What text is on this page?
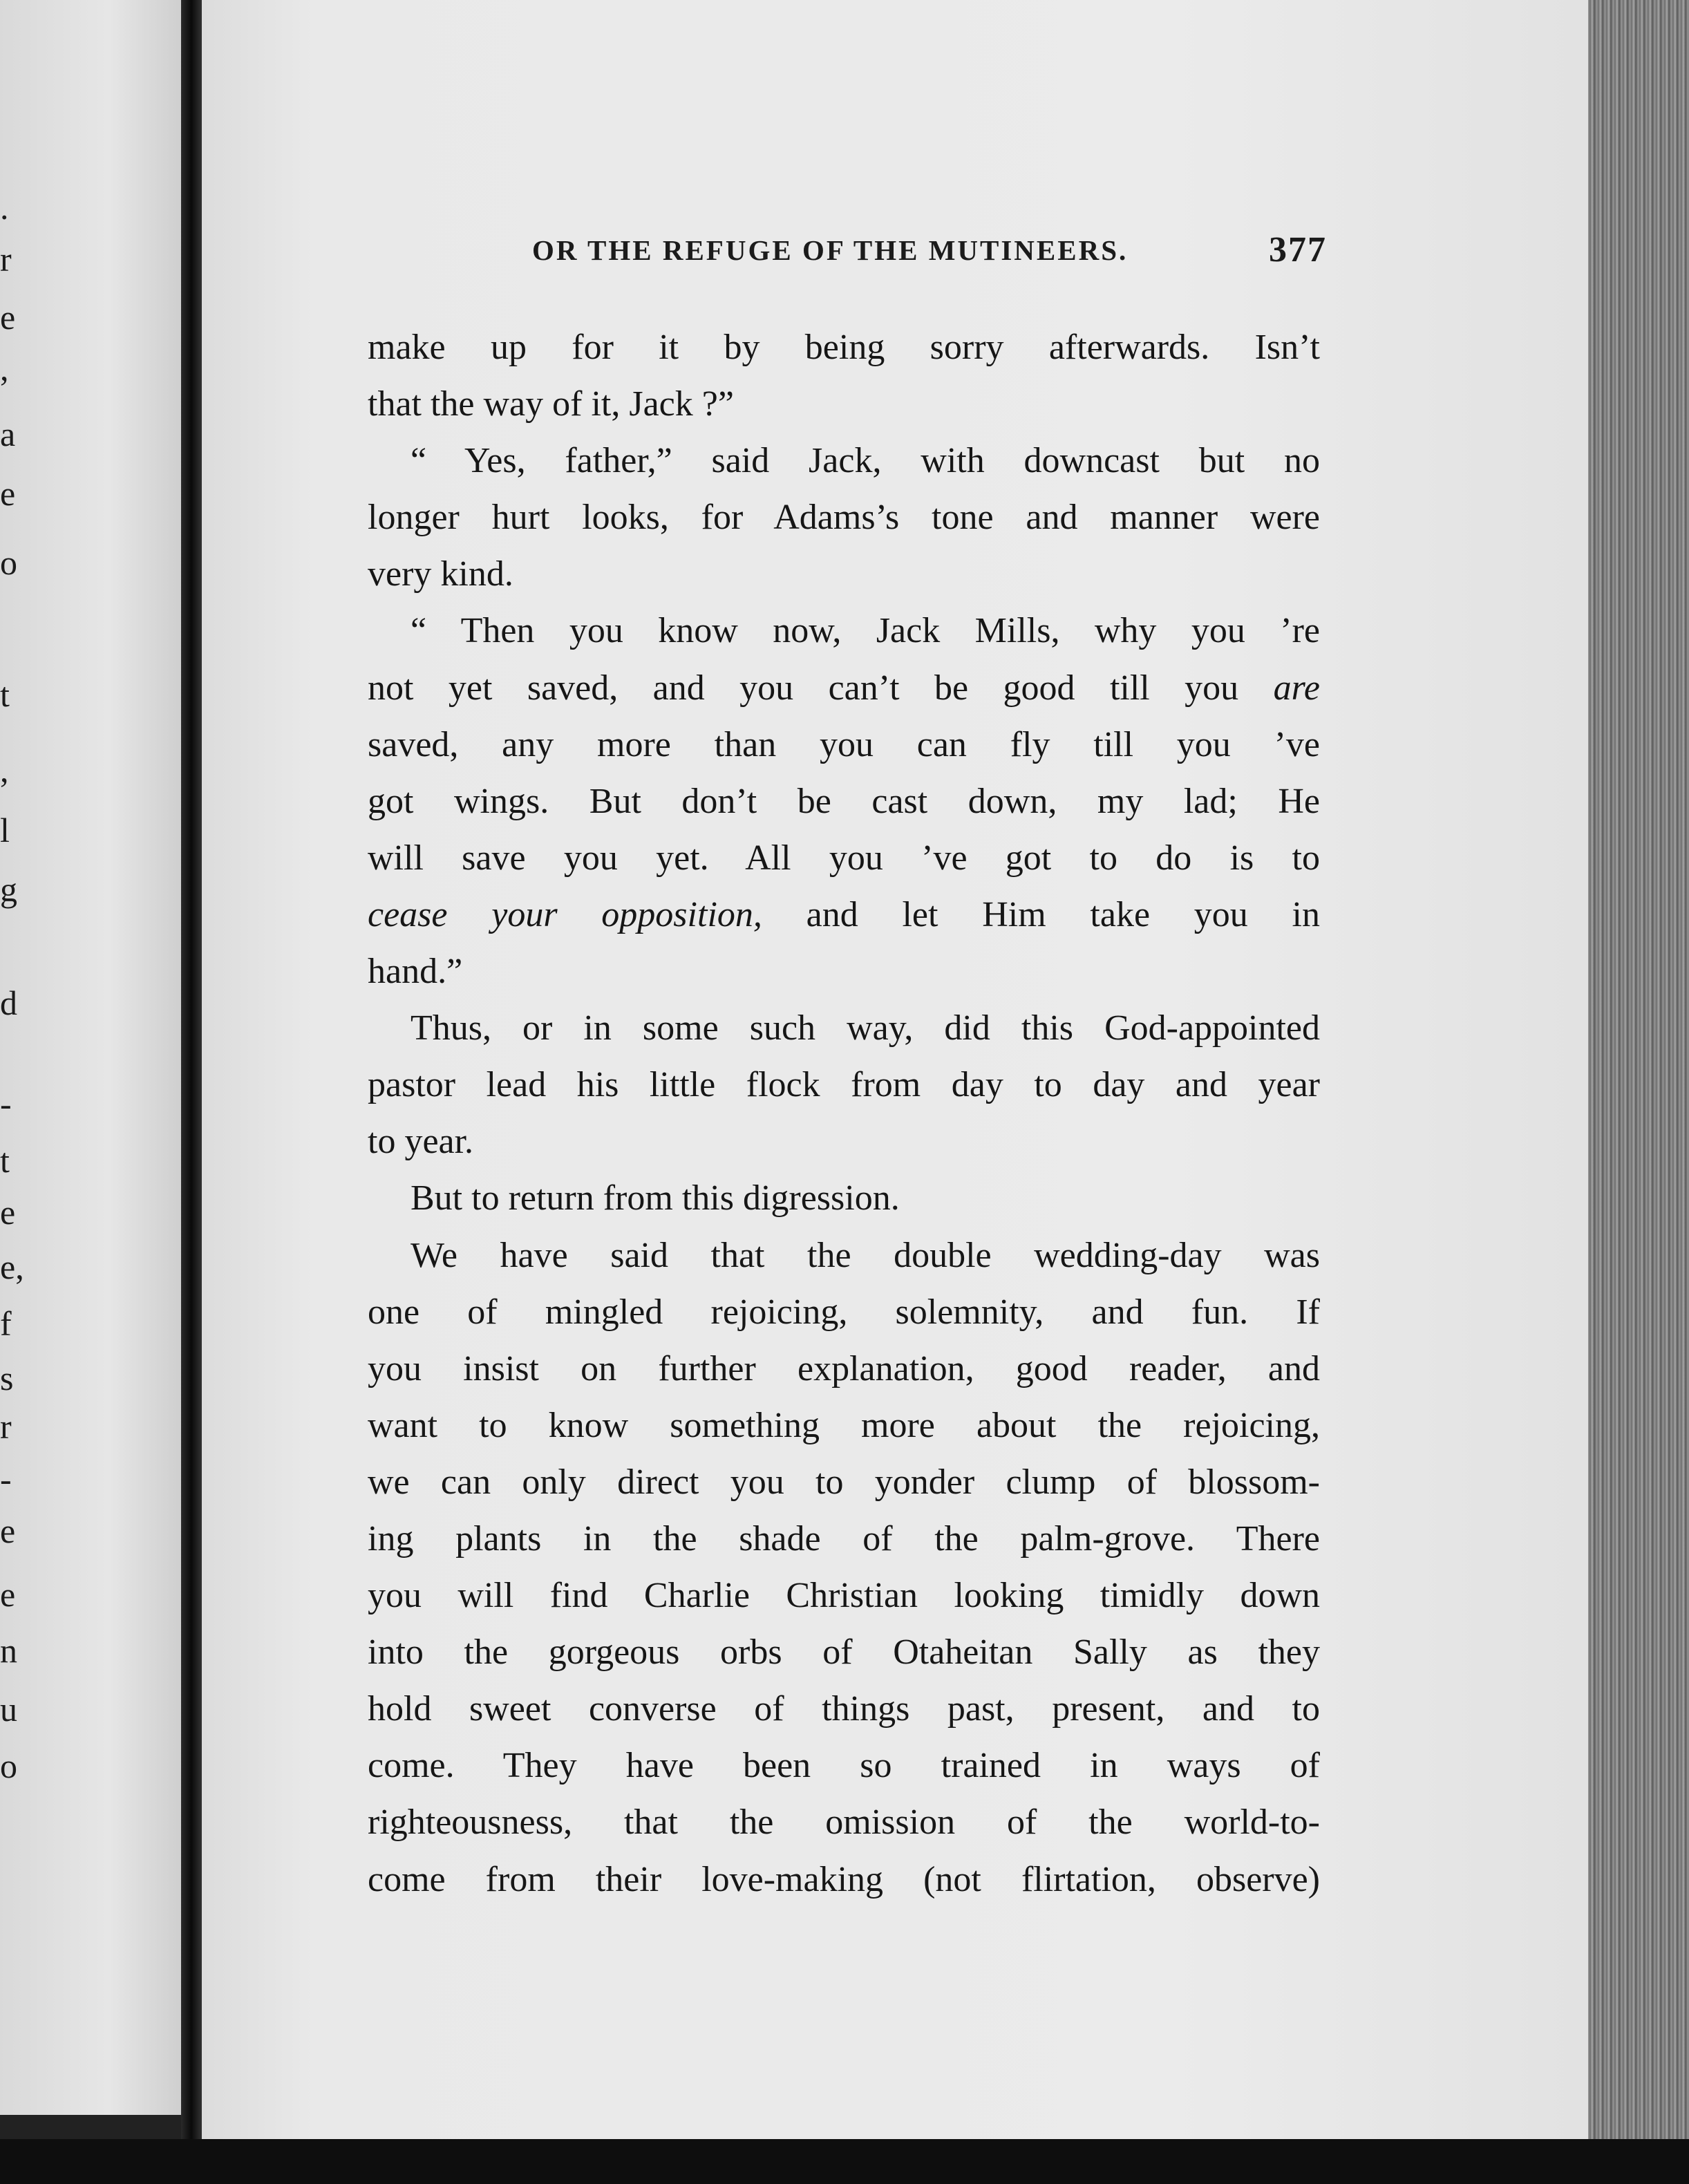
.
r
e
,
a
e
o
t
,
l
g
d
-
t
e
e,
f
s
r
-
e
e
n
u
o
OR THE REFUGE OF THE MUTINEERS.	377
make up for it by being sorry afterwards. Isn’t
that the way of it, Jack ?”
“ Yes, father,” said Jack, with downcast but no
longer hurt looks, for Adams’s tone and manner were
very kind.
“ Then you know now, Jack Mills, why you ’re
not yet saved, and you can’t be good till you are
saved, any more than you can fly till you ’ve
got wings. But don’t be cast down, my lad; He
will save you yet. All you ’ve got to do is to
cease your opposition, and let Him take you in
hand.”
Thus, or in some such way, did this God-appointed
pastor lead his little flock from day to day and year
to year.
But to return from this digression.
We have said that the double wedding-day was
one of mingled rejoicing, solemnity, and fun. If
you insist on further explanation, good reader, and
want to know something more about the rejoicing,
we can only direct you to yonder clump of blossom-
ing plants in the shade of the palm-grove. There
you will find Charlie Christian looking timidly down
into the gorgeous orbs of Otaheitan Sally as they
hold sweet converse of things past, present, and to
come. They have been so trained in ways of
righteousness, that the omission of the world-to-
come from their love-making (not flirtation, observe)
